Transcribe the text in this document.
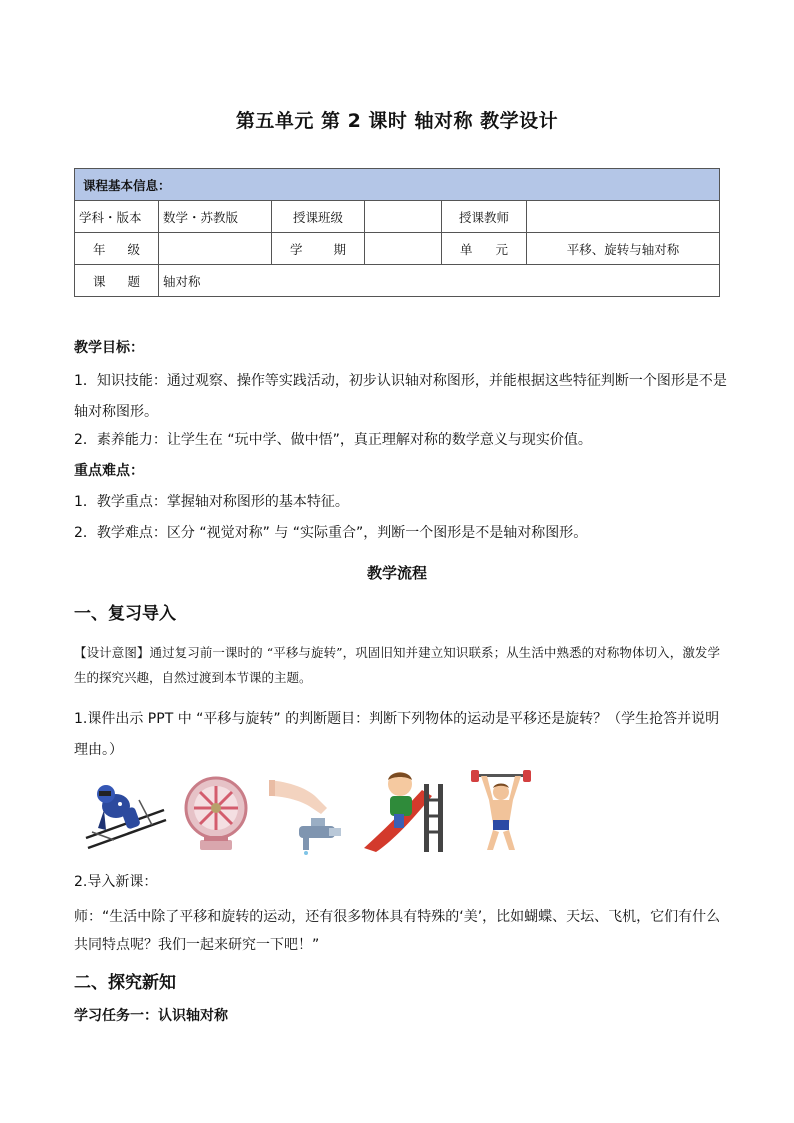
第五单元 第 2 课时 轴对称 教学设计
课程基本信息：					
学科・版本	数学・苏教版	授课班级		授课教师	

年 级		学 期		单 元	平移、旋转与轴对称

课 题	轴对称				
教学目标：
1．知识技能：通过观察、操作等实践活动，初步认识轴对称图形，并能根据这些特征判断一个图形是不是轴对称图形。
2．素养能力：让学生在 “玩中学、做中悟”，真正理解对称的数学意义与现实价值。
重点难点：
1．教学重点：掌握轴对称图形的基本特征。
2．教学难点：区分 “视觉对称” 与 “实际重合”，判断一个图形是不是轴对称图形。
教学流程
一、复习导入
【设计意图】通过复习前一课时的 “平移与旋转”，巩固旧知并建立知识联系；从生活中熟悉的对称物体切入，激发学生的探究兴趣，自然过渡到本节课的主题。
1.课件出示 PPT 中 “平移与旋转” 的判断题目：判断下列物体的运动是平移还是旋转？（学生抢答并说明理由。）
2.导入新课：
师：“生活中除了平移和旋转的运动，还有很多物体具有特殊的‘美’，比如蝴蝶、天坛、飞机，它们有什么共同特点呢？我们一起来研究一下吧！”
二、探究新知
学习任务一：认识轴对称
